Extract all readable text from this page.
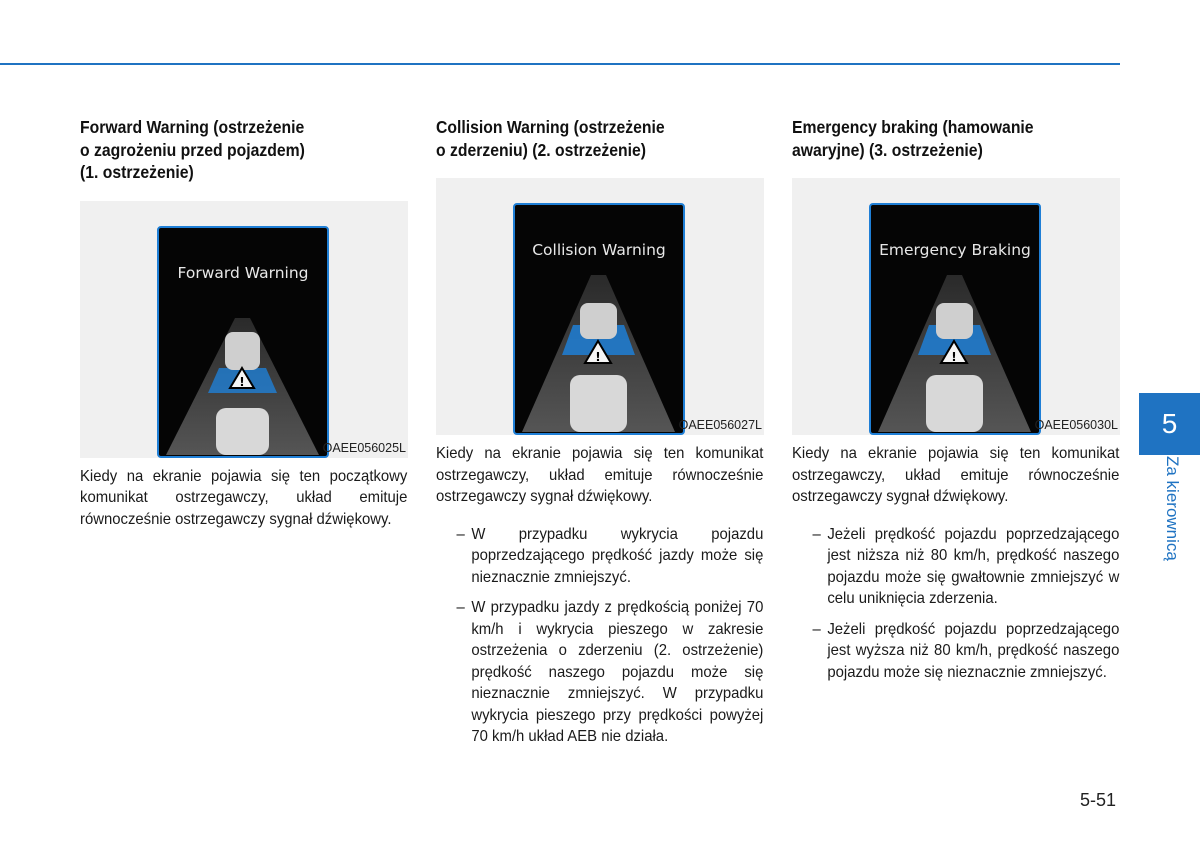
Forward Warning (ostrzeżenie
o zagrożeniu przed pojazdem)
(1. ostrzeżenie)
!
Forward Warning
OAEE056025L

Kiedy na ekranie pojawia się ten początkowy komunikat ostrzegawczy, układ emituje równocześnie ostrzegawczy sygnał dźwiękowy.

Collision Warning (ostrzeżenie
o zderzeniu) (2. ostrzeżenie)
!
Collision Warning
OAEE056027L

Kiedy na ekranie pojawia się ten komunikat ostrzegawczy, układ emituje równocześnie ostrzegawczy sygnał dźwiękowy.

– W przypadku wykrycia pojazdu poprzedzającego prędkość jazdy może się nieznacznie zmniejszyć.
– W przypadku jazdy z prędkością poniżej 70 km/h i wykrycia pieszego w zakresie ostrzeżenia o zderzeniu (2. ostrzeżenie) prędkość naszego pojazdu może się nieznacznie zmniejszyć. W przypadku wykrycia pieszego przy prędkości powyżej 70 km/h układ AEB nie działa.
Emergency braking (hamowanie
awaryjne) (3. ostrzeżenie)
!
Emergency Braking
OAEE056030L

Kiedy na ekranie pojawia się ten komunikat ostrzegawczy, układ emituje równocześnie ostrzegawczy sygnał dźwiękowy.

– Jeżeli prędkość pojazdu poprzedzającego jest niższa niż 80 km/h, prędkość naszego pojazdu może się gwałtownie zmniejszyć w celu uniknięcia zderzenia.
– Jeżeli prędkość pojazdu poprzedzającego jest wyższa niż 80 km/h, prędkość naszego pojazdu może się nieznacznie zmniejszyć.
5
Za kierownicą
5-51
